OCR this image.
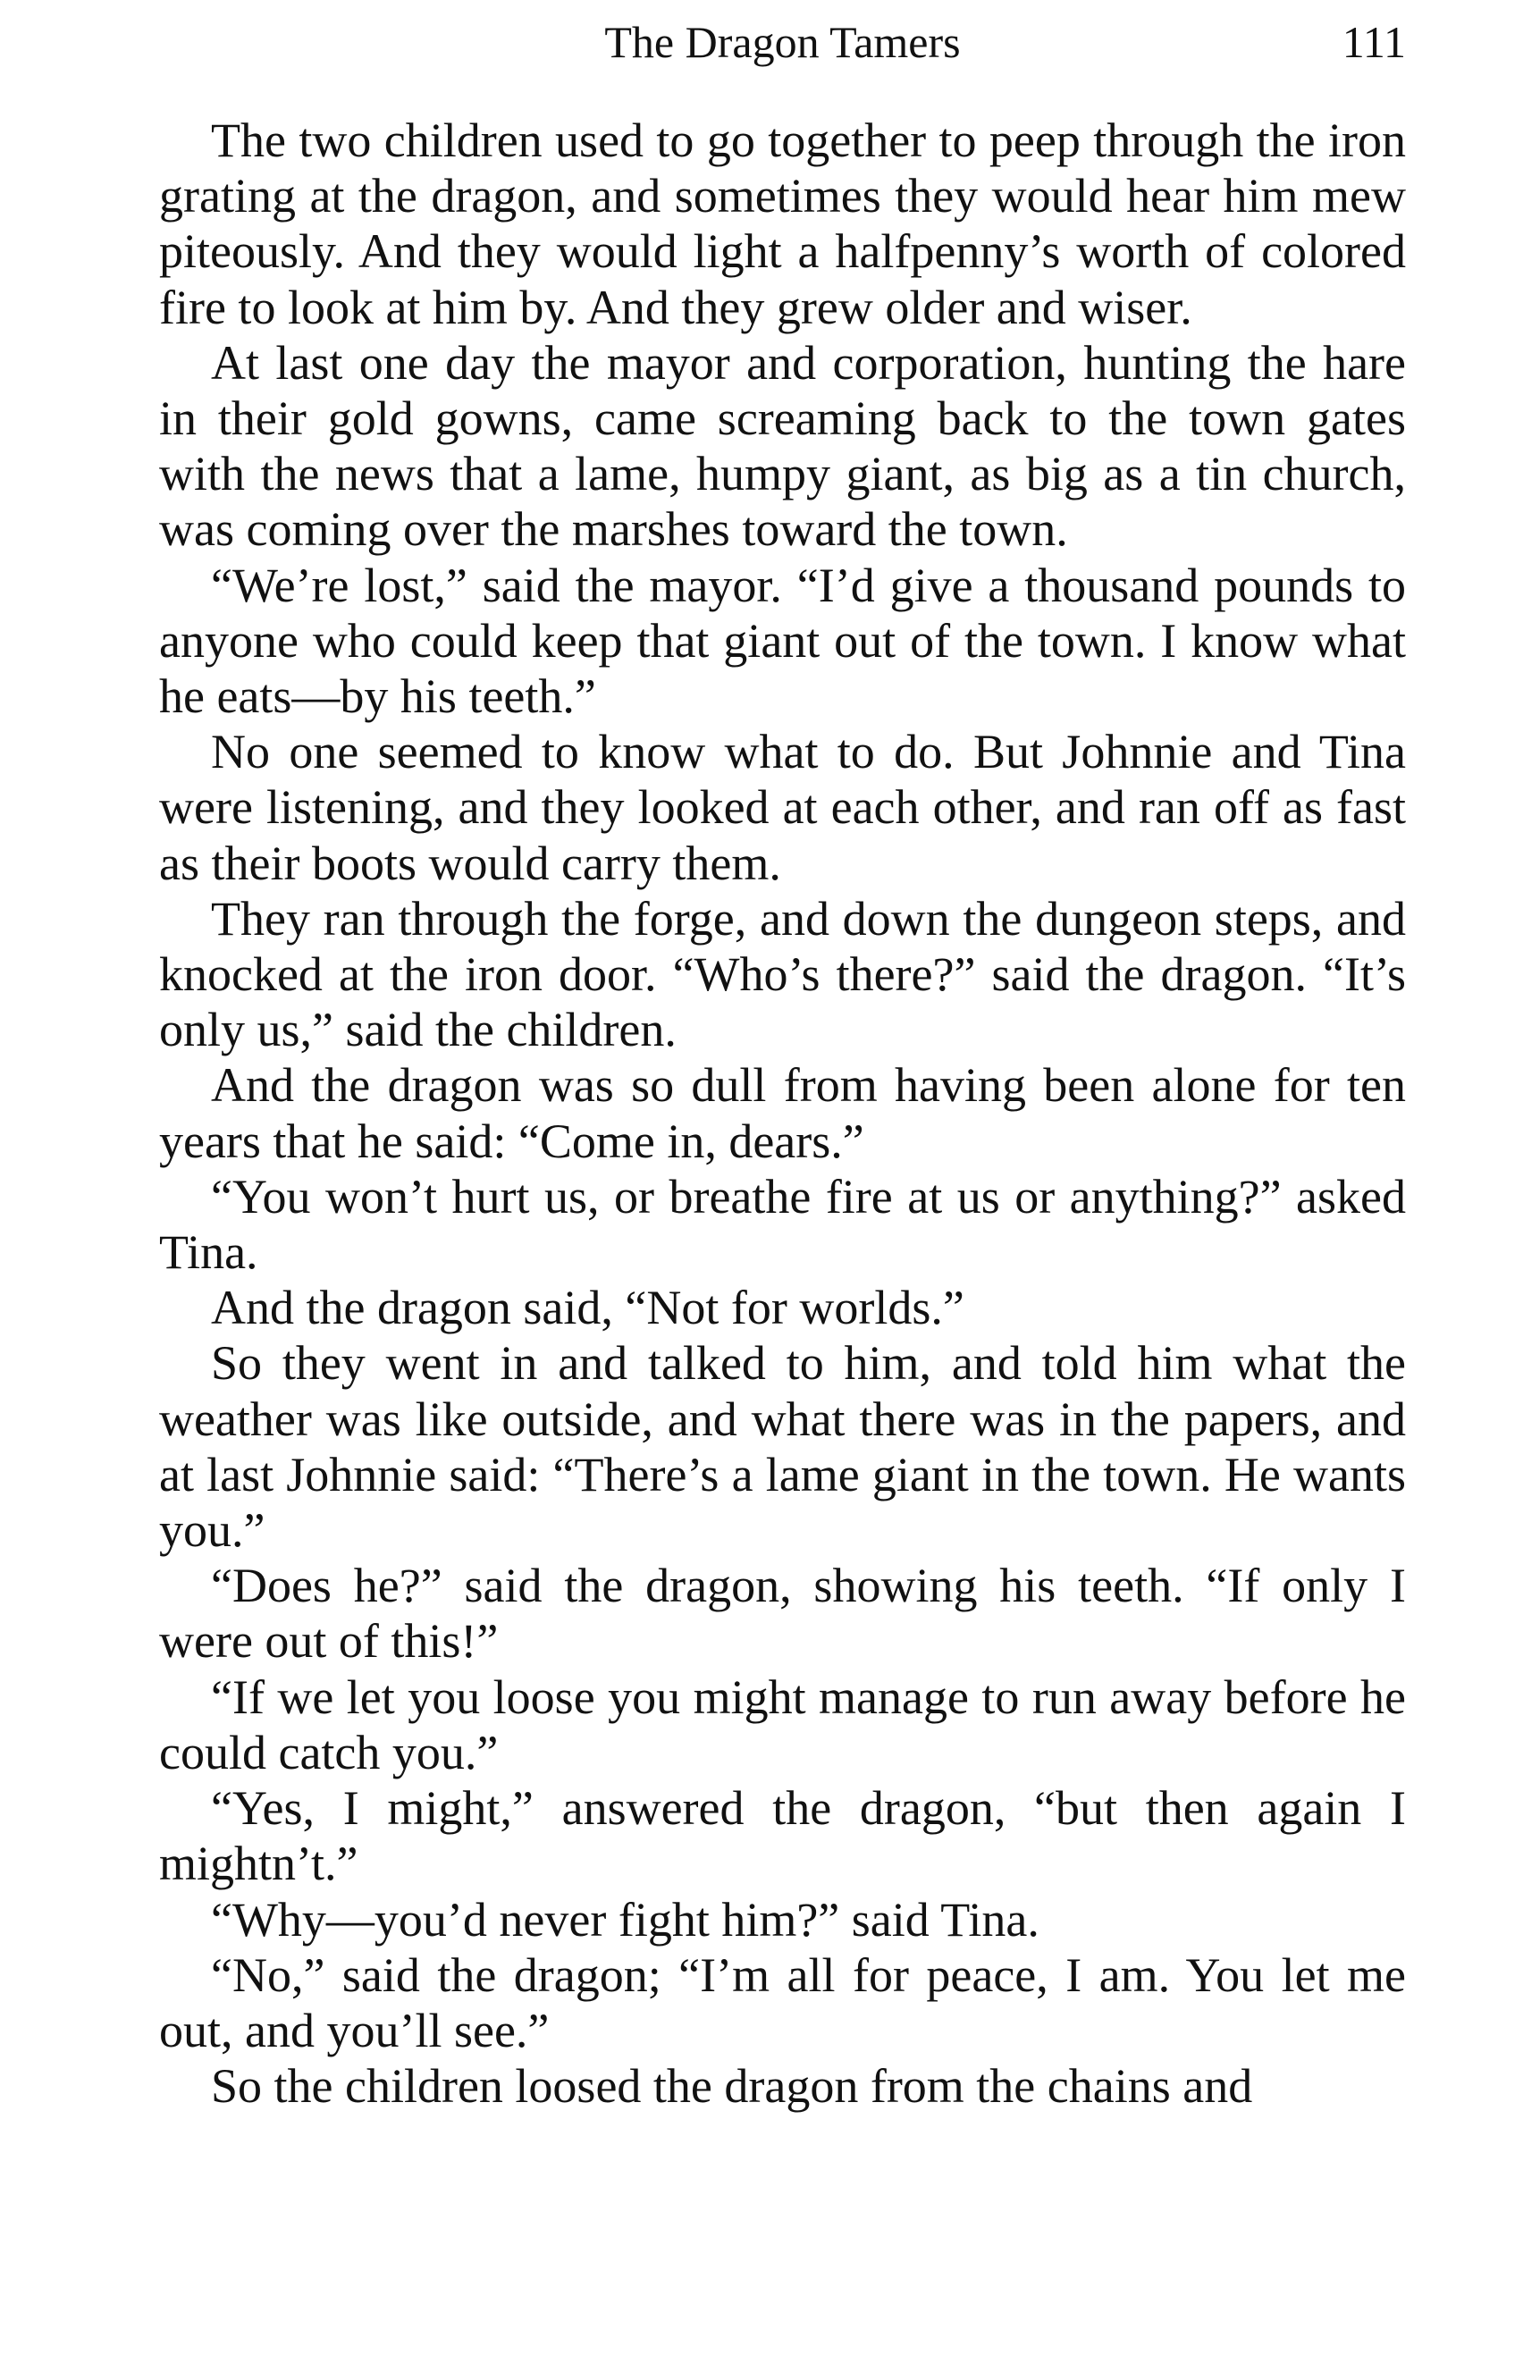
The Dragon Tamers	111

The two children used to go together to peep through the iron grating at the dragon, and sometimes they would hear him mew piteously. And they would light a halfpenny’s worth of colored fire to look at him by. And they grew older and wiser.

At last one day the mayor and corporation, hunting the hare in their gold gowns, came screaming back to the town gates with the news that a lame, humpy giant, as big as a tin church, was coming over the marshes toward the town.

“We’re lost,” said the mayor. “I’d give a thousand pounds to anyone who could keep that giant out of the town. I know what he eats—by his teeth.”

No one seemed to know what to do. But Johnnie and Tina were listening, and they looked at each other, and ran off as fast as their boots would carry them.

They ran through the forge, and down the dungeon steps, and knocked at the iron door. “Who’s there?” said the dragon. “It’s only us,” said the children.

And the dragon was so dull from having been alone for ten years that he said: “Come in, dears.”

“You won’t hurt us, or breathe fire at us or anything?” asked Tina.

And the dragon said, “Not for worlds.”

So they went in and talked to him, and told him what the weather was like outside, and what there was in the papers, and at last Johnnie said: “There’s a lame giant in the town. He wants you.”

“Does he?” said the dragon, showing his teeth. “If only I were out of this!”

“If we let you loose you might manage to run away before he could catch you.”

“Yes, I might,” answered the dragon, “but then again I mightn’t.”

“Why—you’d never fight him?” said Tina.

“No,” said the dragon; “I’m all for peace, I am. You let me out, and you’ll see.”

So the children loosed the dragon from the chains and
